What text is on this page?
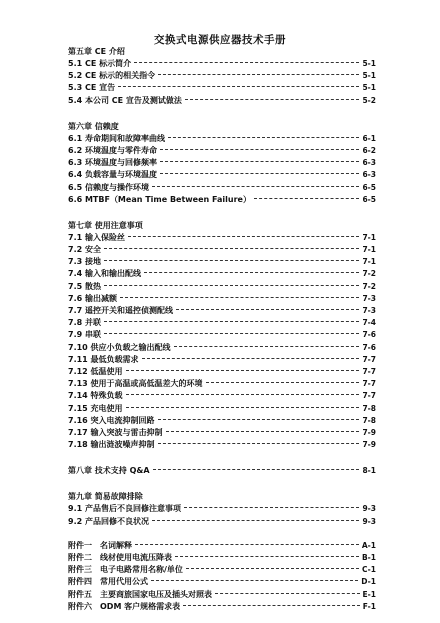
交换式电源供应器技术手册
第五章 CE 介绍
5.1 CE 标示简介	5-1
5.2 CE 标示的相关指令	5-1
5.3 CE 宣告	5-1
5.4 本公司 CE 宣告及测试做法	5-2
第六章 信赖度
6.1 寿命期间和故障率曲线	6-1
6.2 环境温度与零件寿命	6-2
6.3 环境温度与回修频率	6-3
6.4 负载容量与环境温度	6-3
6.5 信赖度与操作环境	6-5
6.6 MTBF（Mean Time Between Failure）	6-5
第七章 使用注意事项
7.1 输入保险丝	7-1
7.2 安全	7-1
7.3 接地	7-1
7.4 输入和输出配线	7-2
7.5 散热	7-2
7.6 输出减额	7-3
7.7 遥控开关和遥控侦测配线	7-3
7.8 并联	7-4
7.9 串联	7-6
7.10 供应小负载之输出配线	7-6
7.11 最低负载需求	7-7
7.12 低温使用	7-7
7.13 使用于高温或高低温差大的环境	7-7
7.14 特殊负载	7-7
7.15 充电使用	7-8
7.16 突入电流抑制回路	7-8
7.17 输入突波与雷击抑制	7-9
7.18 输出涟波噪声抑制	7-9
第八章 技术支持 Q&A	8-1
第九章 简易故障排除
9.1 产品售后不良回修注意事项	9-3
9.2 产品回修不良状况	9-3
附件一　名词解释	A-1
附件二　线材使用电流压降表	B-1
附件三　电子电路常用名称/单位	C-1
附件四　常用代用公式	D-1
附件五　主要商旅国家电压及插头对照表	E-1
附件六　ODM 客户规格需求表	F-1
